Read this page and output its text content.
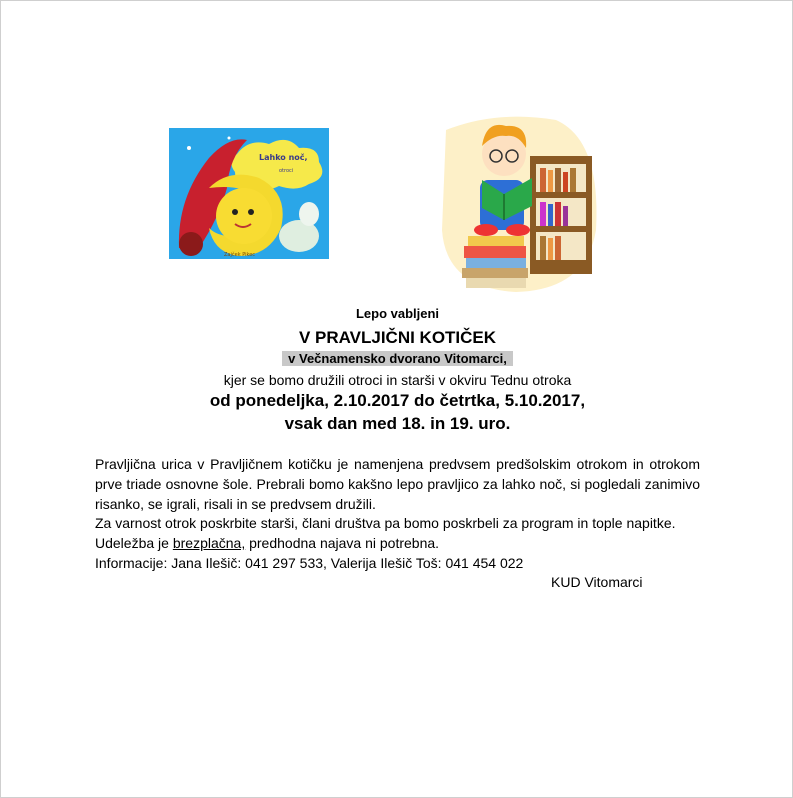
Lahko noč,
otroci
Zajček Pikec
Lepo vabljeni
V PRAVLJIČNI KOTIČEK
v Večnamensko dvorano Vitomarci,
kjer se bomo družili otroci in starši v okviru Tednu otroka
od ponedeljka, 2.10.2017 do četrtka, 5.10.2017,
vsak dan med 18. in 19. uro.
Pravljična urica v Pravljičnem kotičku je namenjena predvsem predšolskim otrokom in otrokom prve triade osnovne šole. Prebrali bomo kakšno lepo pravljico za lahko noč, si pogledali zanimivo risanko, se igrali, risali in se predvsem družili.
Za varnost otrok poskrbite starši, člani društva pa bomo poskrbeli za program in tople napitke.
Udeležba je brezplačna, predhodna najava ni potrebna.
Informacije: Jana Ilešič: 041 297 533, Valerija Ilešič Toš: 041 454 022
KUD Vitomarci
